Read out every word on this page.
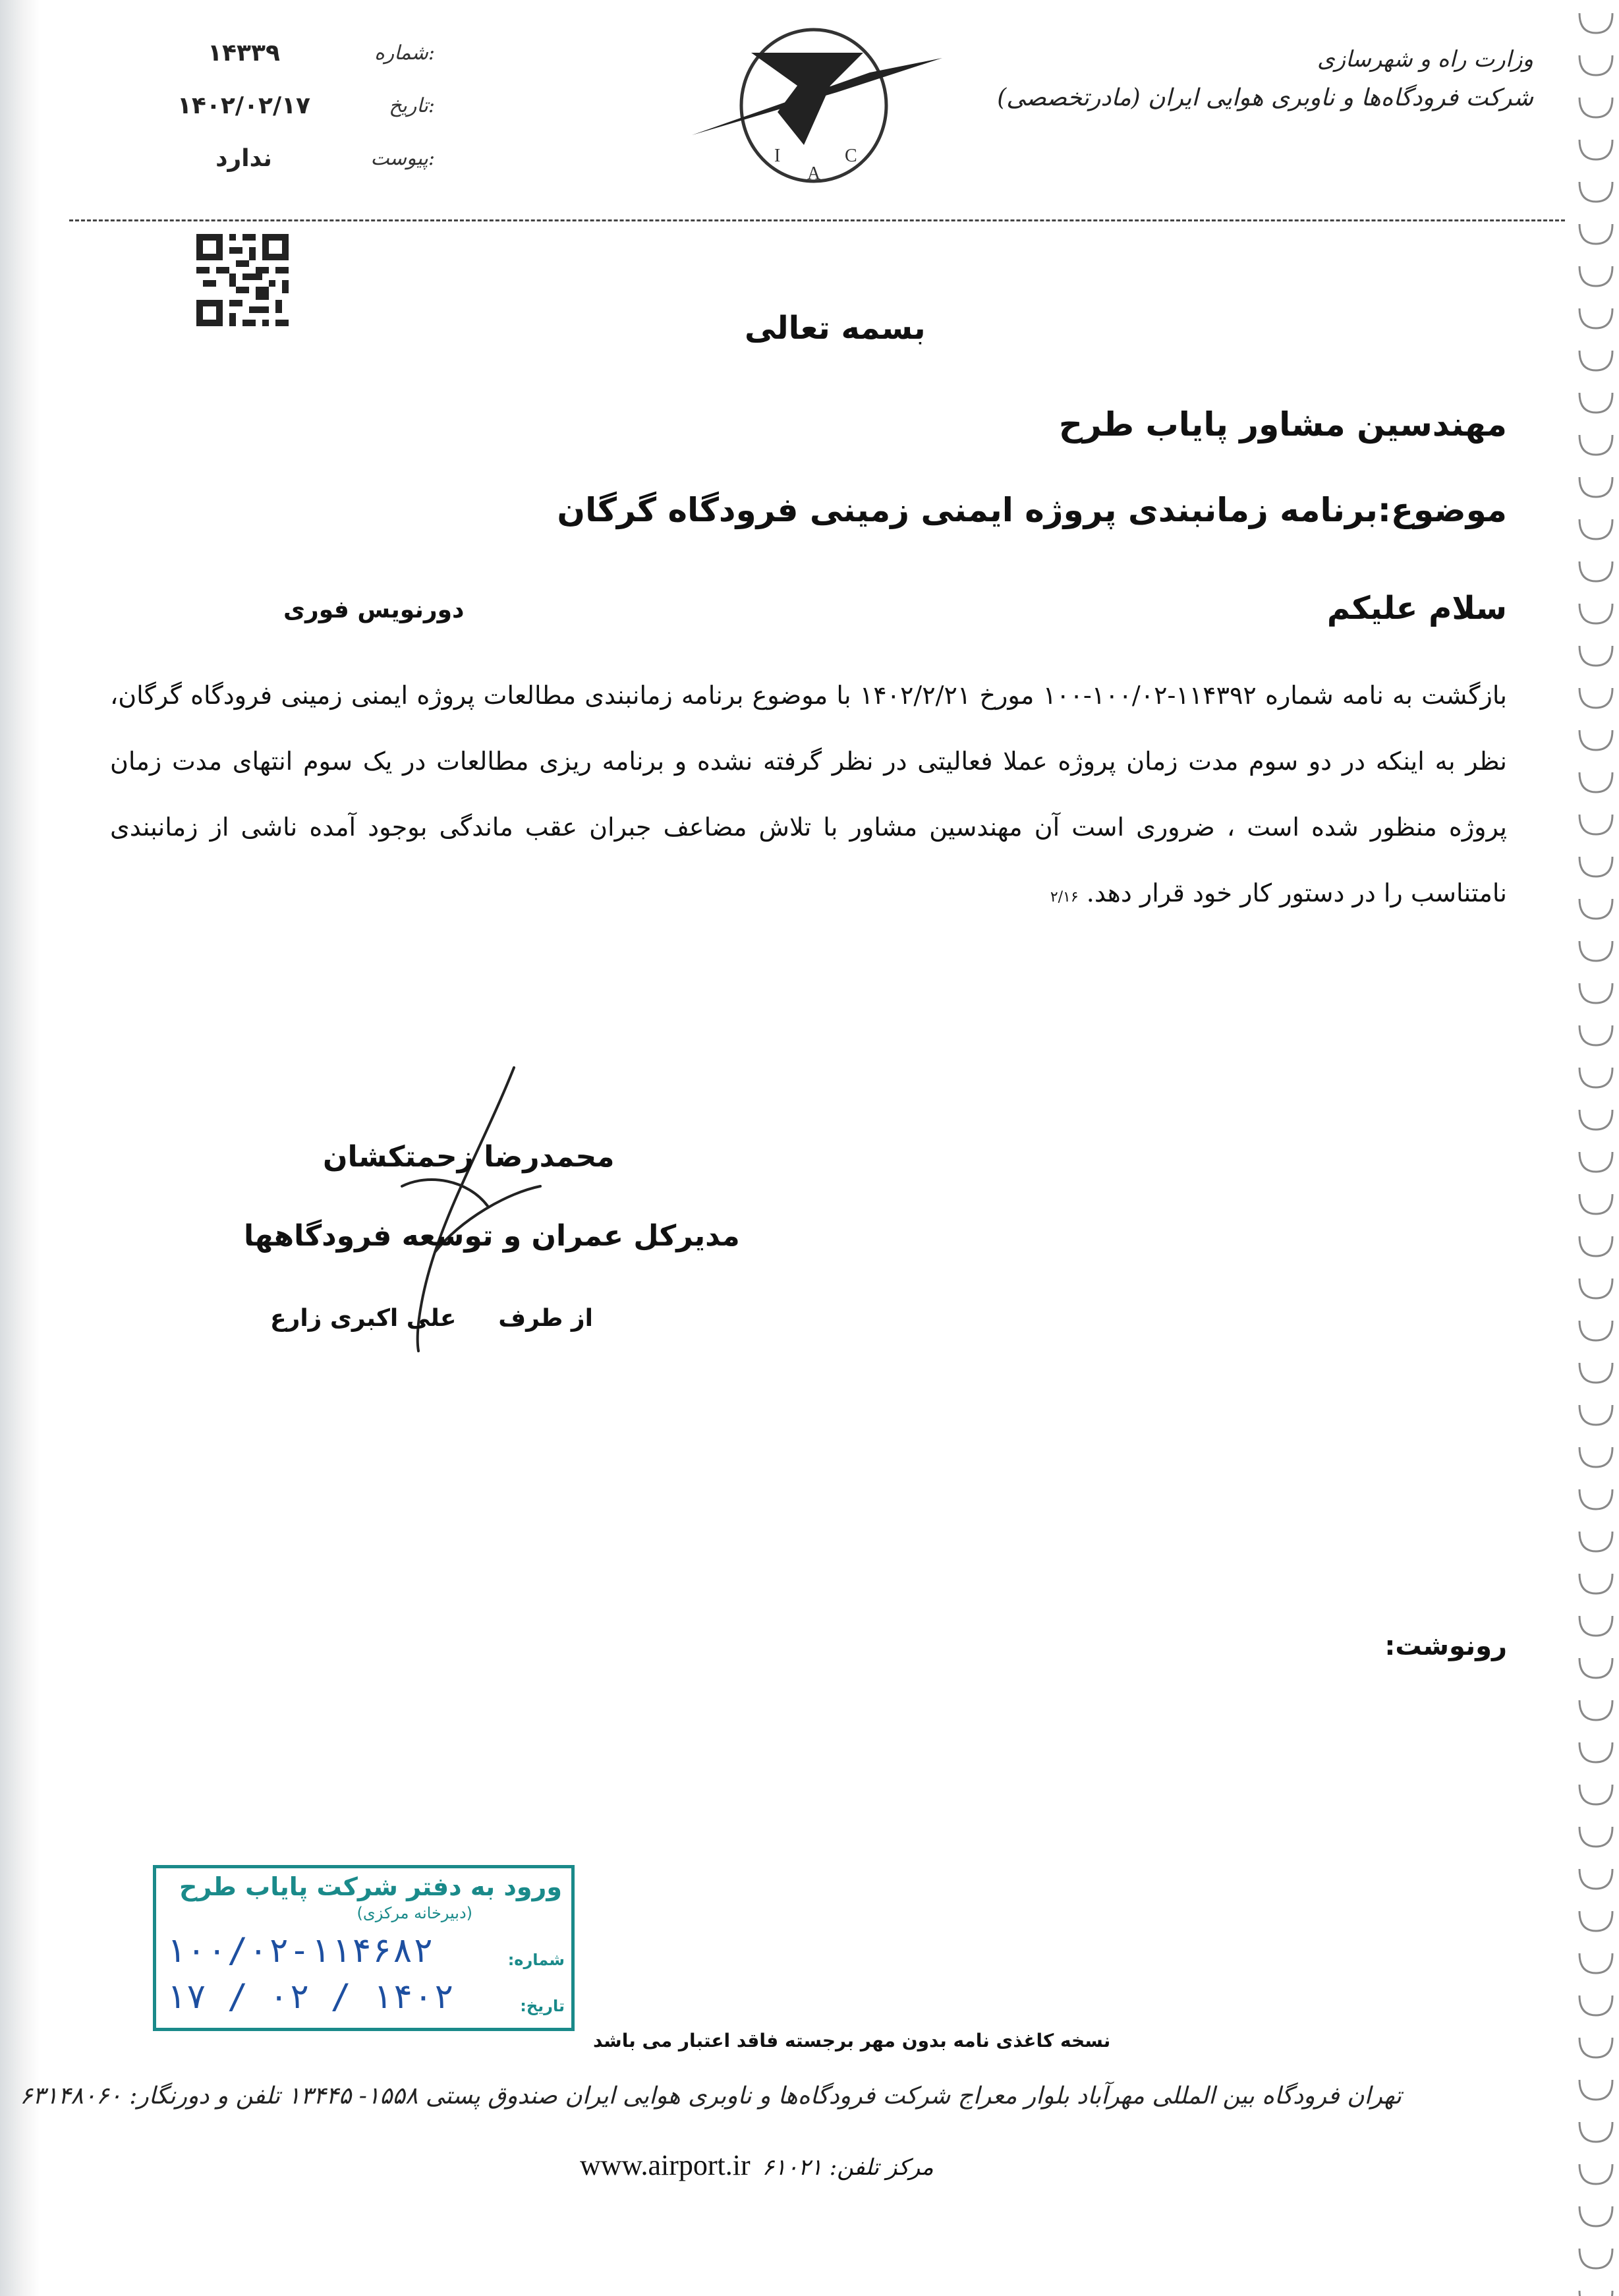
وزارت راه و شهرسازی
شرکت فرودگاه‌ها و ناوبری هوایی ایران (مادرتخصصی)
I
A
C
شماره:
۱۴۳۳۹
تاریخ:
۱۴۰۲/۰۲/۱۷
پیوست:
ندارد
بسمه تعالی
مهندسین مشاور پایاب طرح
موضوع:برنامه زمانبندی پروژه ایمنی زمینی فرودگاه گرگان
سلام علیکم
دورنویس فوری
بازگشت به نامه شماره ۱۱۴۳۹۲-۱۰۰/۰۲-۱۰۰ مورخ ۱۴۰۲/۲/۲۱ با موضوع برنامه زمانبندی مطالعات پروژه ایمنی زمینی فرودگاه گرگان، نظر به اینکه در دو سوم مدت زمان پروژه عملا فعالیتی در نظر گرفته نشده و برنامه ریزی مطالعات در یک سوم انتهای مدت زمان پروژه منظور شده است ، ضروری است آن مهندسین مشاور با تلاش مضاعف جبران عقب ماندگی بوجود آمده ناشی از زمانبندی نامتناسب را در دستور کار خود قرار دهد. ۲/۱۶
محمدرضا زحمتکشان
مدیرکل عمران و توسعه فرودگاهها
از طرف
علی اکبری زارع
رونوشت:
ورود به دفتر شرکت پایاب طرح
(دبیرخانه مرکزی)
شماره:
۱۰۰/۰۲-۱۱۴۶۸۲
تاریخ:
۱۴۰۲ / ۰۲ / ۱۷
نسخه کاغذی نامه بدون مهر برجسته فاقد اعتبار می باشد
تهران فرودگاه بین المللی مهرآباد بلوار معراج شرکت فرودگاه‌ها و ناوبری هوایی ایران صندوق پستی ۱۵۵۸- ۱۳۴۴۵ تلفن و دورنگار: ۶۳۱۴۸۰۶۰
www.airport.ir مرکز تلفن: ۶۱۰۲۱
